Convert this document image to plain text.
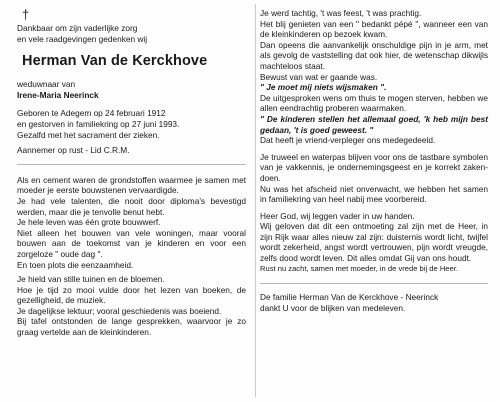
†

Dankbaar om zijn vaderlijke zorg

en vele raadgevingen gedenken wij

Herman Van de Kerckhove

weduwnaar van

Irene-Maria Neerinck

Geboren te Adegem op 24 februari 1912

en gestorven in familiekring op 27 juni 1993.

Gezalfd met het sacrament der zieken.

Aannemer op rust - Lid C.R.M.

Als en cement waren de grondstoffen waarmee je samen met moeder je eerste bouwstenen vervaardigde.

Je had vele talenten, die nooit door diploma's bevestigd werden, maar die je tenvolle benut hebt.

Je hele leven was één grote bouwwerf.

Niet alleen het bouwen van vele woningen, maar vooral bouwen aan de toekomst van je kinderen en voor een zorgeloze " oude dag ".

En toen plots die eenzaamheid.

Je hield van stille tuinen en de bloemen.

Hoe je tijd zo mooi vulde door het lezen van boeken, de gezelligheid, de muziek.

Je dagelijkse lektuur; vooral geschiedenis was boeiend.

Bij tafel ontstonden de lange gesprekken, waarvoor je zo graag vertelde aan de kleinkinderen.

Je werd tachtig, 't was feest, 't was prachtig.

Het blij genieten van een " bedankt pépé ", wanneer een van de kleinkinderen op bezoek kwam.

Dan opeens die aanvankelijk onschuldige pijn in je arm, met als gevolg de vaststelling dat ook hier, de wetenschap dikwijls machteloos staat.

Bewust van wat er gaande was.

" Je moet mij niets wijsmaken ".

De uitgesproken wens om thuis te mogen sterven, hebben we allen eendrachtig proberen waarmaken.

" De kinderen stellen het allemaal goed, 'k heb mijn best gedaan, 't is goed geweest. "

Dat heeft je vriend-verpleger ons medegedeeld.

Je truweel en waterpas blijven voor ons de tastbare symbolen van je vakkennis, je ondernemingsgeest en je korrekt zaken-doen.

Nu was het afscheid niet onverwacht, we hebben het samen in familiekring van heel nabij mee voorbereid.

Heer God, wij leggen vader in uw handen.

Wij geloven dat dit een ontmoeting zal zijn met de Heer, in zijn Rijk waar alles nieuw zal zijn: duisternis wordt licht, twijfel wordt zekerheid, angst wordt vertrouwen, pijn wordt vreugde, zelfs dood wordt leven. Dit alles omdat Gij van ons houdt.

Rust nu zacht, samen met moeder, in de vrede bij de Heer.

De familie Herman Van de Kerckhove - Neerinck

dankt U voor de blijken van medeleven.
